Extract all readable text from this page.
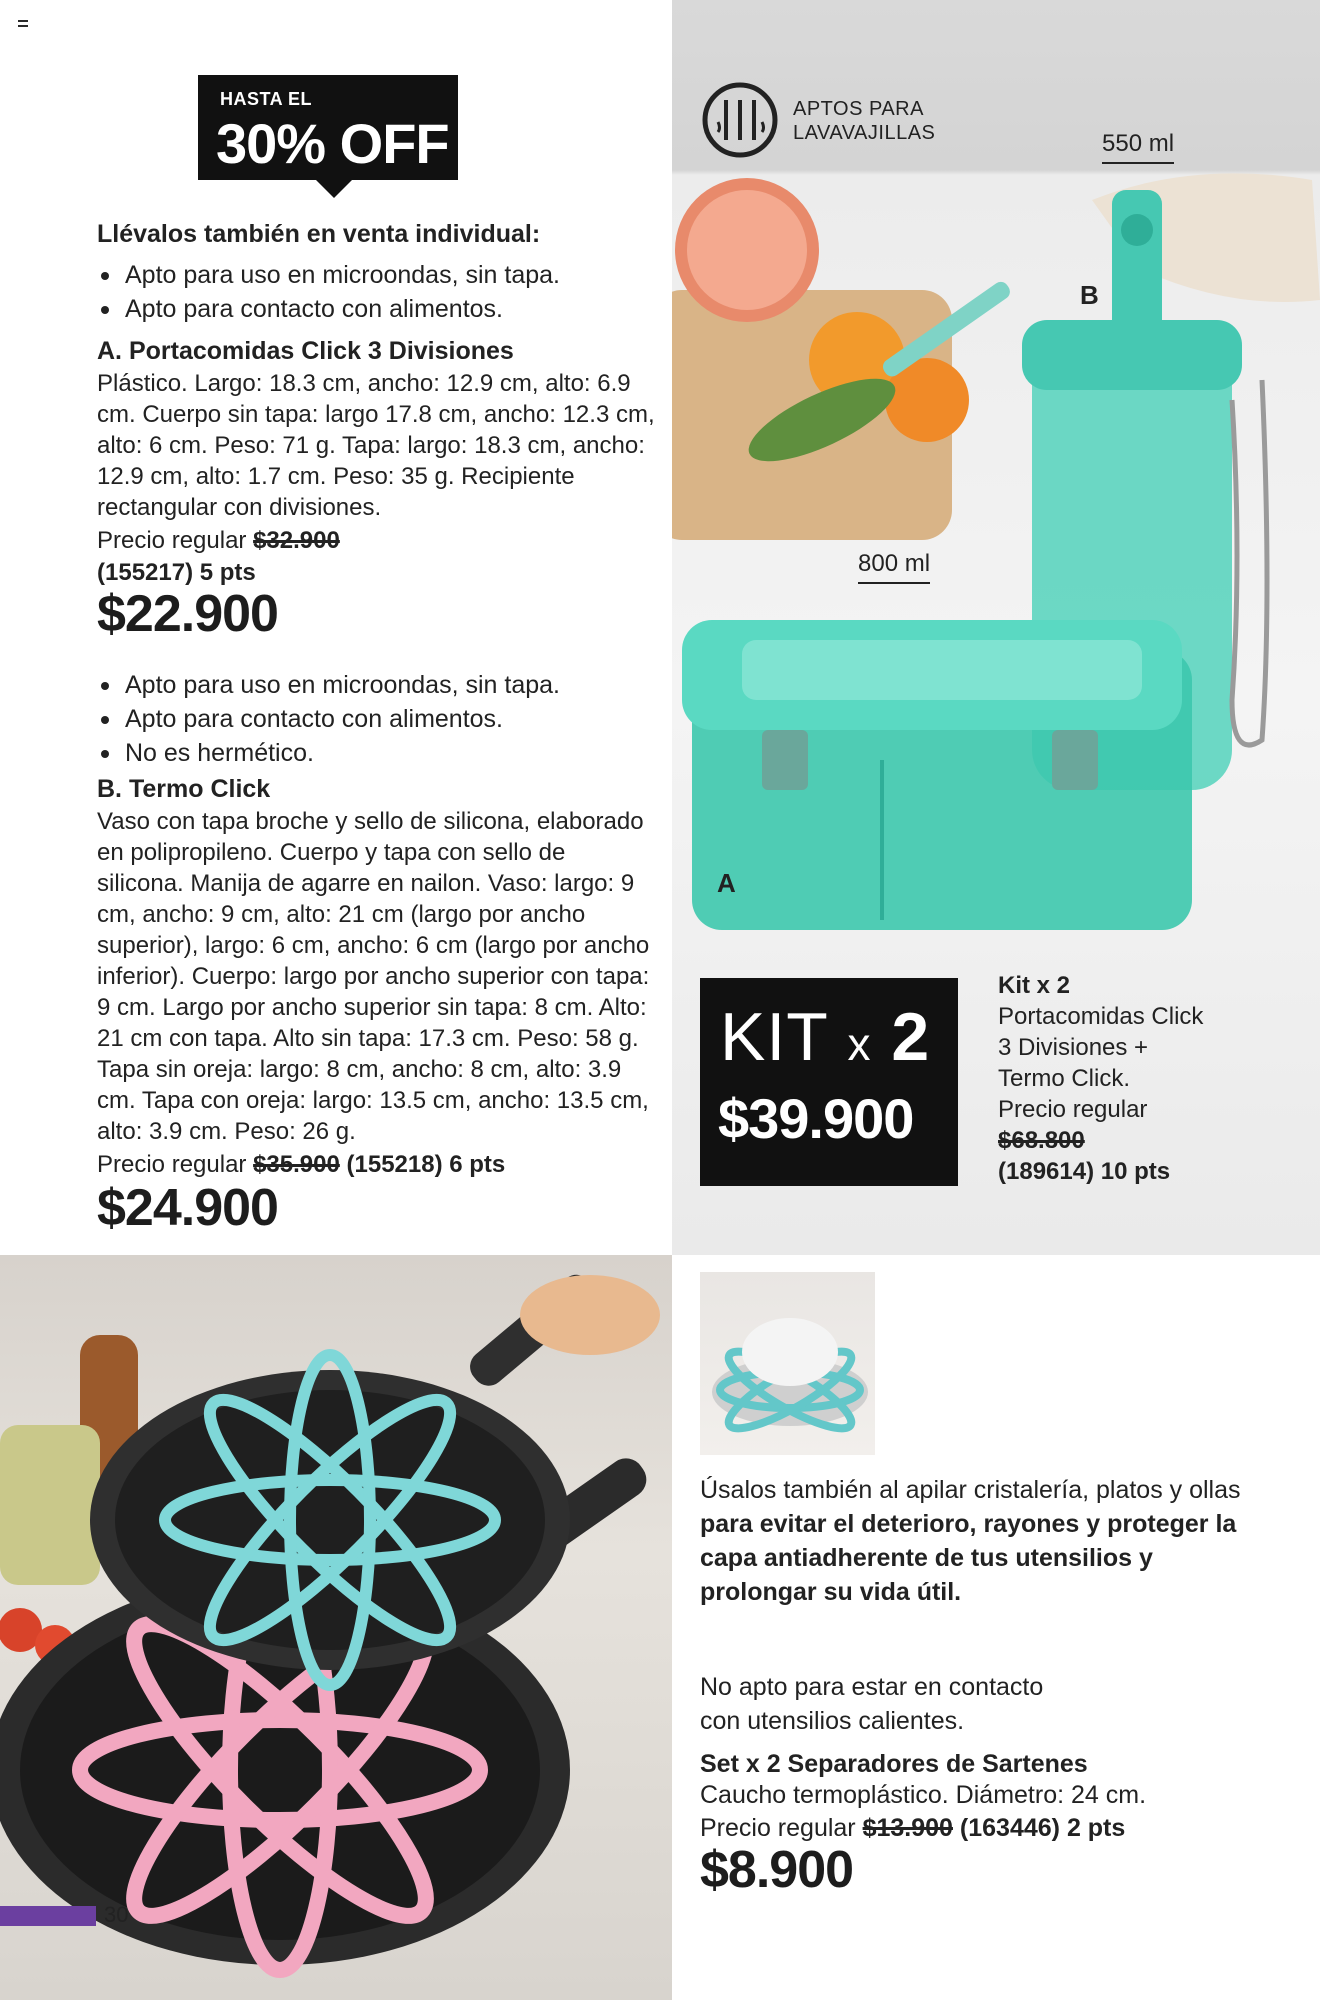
HASTA EL
30% OFF
Llévalos también en venta individual:
Apto para uso en microondas, sin tapa.
Apto para contacto con alimentos.
A. Portacomidas Click 3 Divisiones
Plástico. Largo: 18.3 cm, ancho: 12.9 cm, alto: 6.9 cm. Cuerpo sin tapa: largo 17.8 cm, ancho: 12.3 cm, alto: 6 cm. Peso: 71 g. Tapa: largo: 18.3 cm, ancho: 12.9 cm, alto: 1.7 cm. Peso: 35 g. Recipiente rectangular con divisiones.
Precio regular $32.900
(155217) 5 pts
$22.900
Apto para uso en microondas, sin tapa.
Apto para contacto con alimentos.
No es hermético.
B. Termo Click
Vaso con tapa broche y sello de silicona, elaborado en polipropileno. Cuerpo y tapa con sello de silicona. Manija de agarre en nailon. Vaso: largo: 9 cm, ancho: 9 cm, alto: 21 cm (largo por ancho superior), largo: 6 cm, ancho: 6 cm (largo por ancho inferior). Cuerpo: largo por ancho superior con tapa: 9 cm. Largo por ancho superior sin tapa: 8 cm. Alto: 21 cm con tapa. Alto sin tapa: 17.3 cm. Peso: 58 g. Tapa sin oreja: largo: 8 cm, ancho: 8 cm, alto: 3.9 cm. Tapa con oreja: largo: 13.5 cm, ancho: 13.5 cm, alto: 3.9 cm. Peso: 26 g.
Precio regular $35.900 (155218) 6 pts
$24.900
APTOS PARA
LAVAVAJILLAS	550 ml
B
800 ml
A
KIT x 2
$39.900
Kit x 2
Portacomidas Click
3 Divisiones +
Termo Click.
Precio regular
$68.800
(189614) 10 pts
Úsalos también al apilar cristalería, platos y ollas para evitar el deterioro, rayones y proteger la capa antiadherente de tus utensilios y prolongar su vida útil.
No apto para estar en contacto
con utensilios calientes.
Set x 2 Separadores de Sartenes
Caucho termoplástico. Diámetro: 24 cm.
Precio regular $13.900 (163446) 2 pts
$8.900
30
